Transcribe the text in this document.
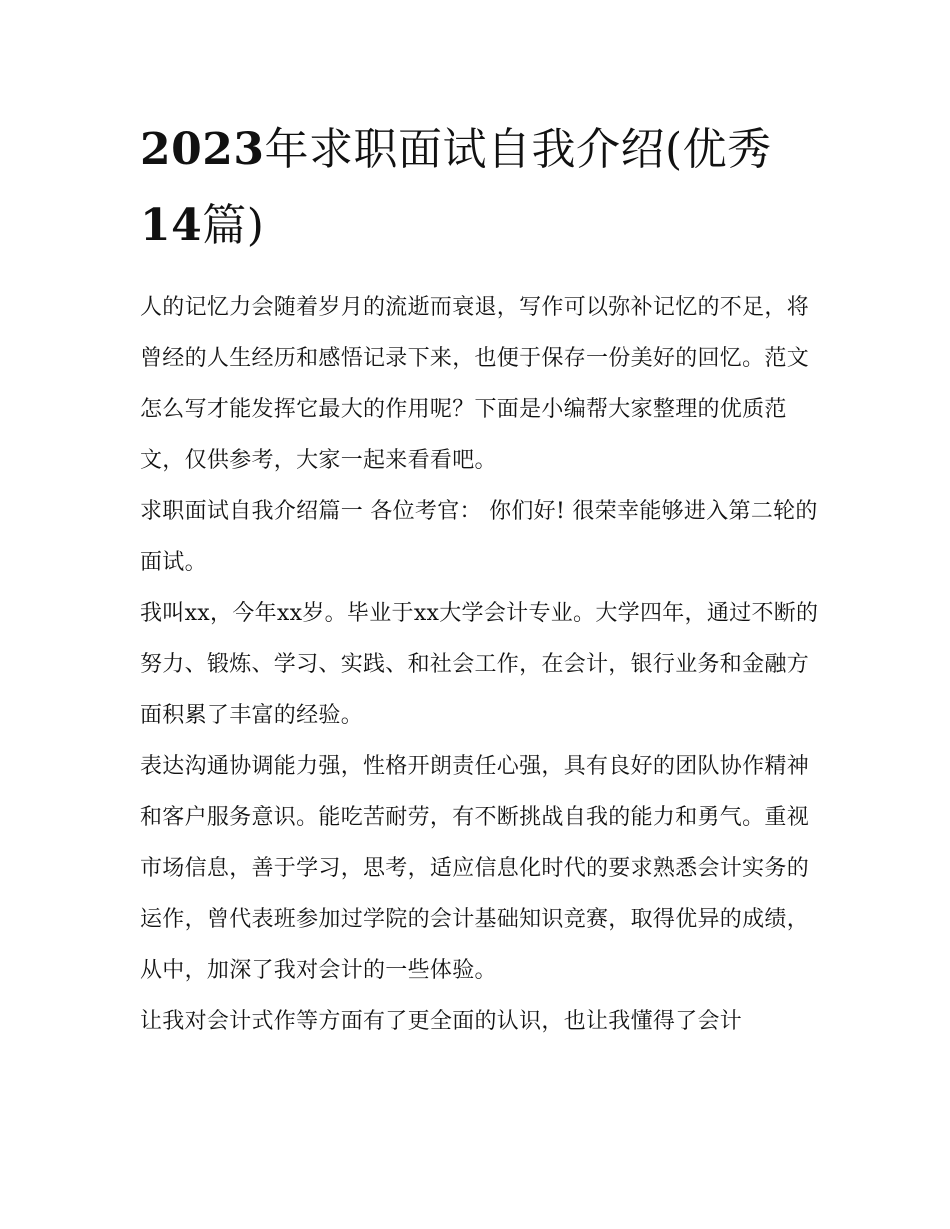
2023年求职面试自我介绍(优秀14篇)

人的记忆力会随着岁月的流逝而衰退，写作可以弥补记忆的不足，将曾经的人生经历和感悟记录下来，也便于保存一份美好的回忆。范文怎么写才能发挥它最大的作用呢？下面是小编帮大家整理的优质范文，仅供参考，大家一起来看看吧。

求职面试自我介绍篇一 各位考官： 你们好! 很荣幸能够进入第二轮的面试。

我叫xx，今年xx岁。毕业于xx大学会计专业。大学四年，通过不断的努力、锻炼、学习、实践、和社会工作，在会计，银行业务和金融方面积累了丰富的经验。

表达沟通协调能力强，性格开朗责任心强，具有良好的团队协作精神和客户服务意识。能吃苦耐劳，有不断挑战自我的能力和勇气。重视市场信息，善于学习，思考，适应信息化时代的要求熟悉会计实务的运作，曾代表班参加过学院的会计基础知识竞赛，取得优异的成绩，从中，加深了我对会计的一些体验。

让我对会计式作等方面有了更全面的认识，也让我懂得了会计
